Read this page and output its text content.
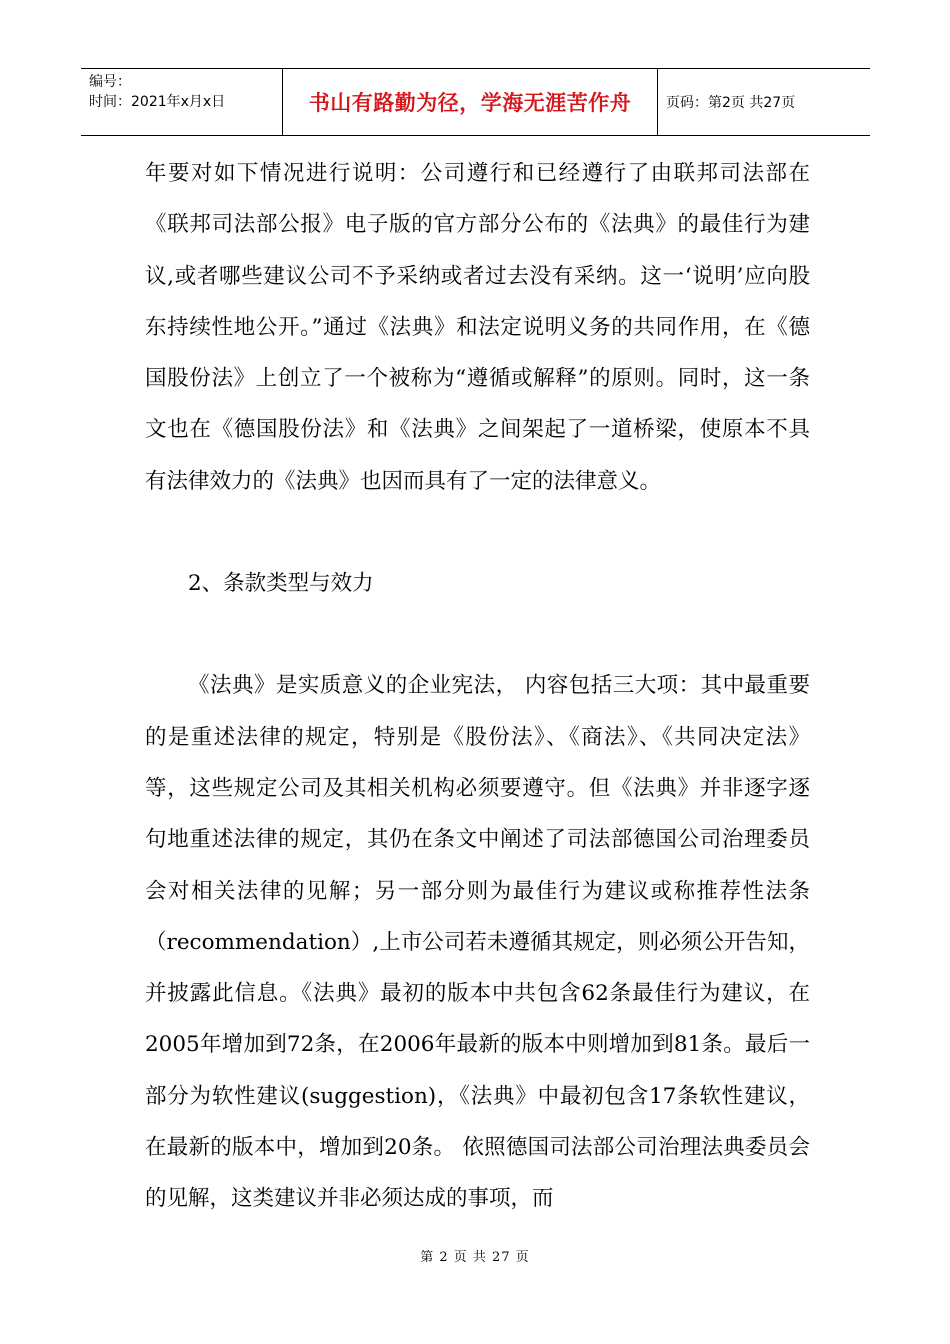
编号：
时间：2021年x月x日	书山有路勤为径，学海无涯苦作舟	页码：第2页 共27页

年要对如下情况进行说明：公司遵行和已经遵行了由联邦司法部在《联邦司法部公报》电子版的官方部分公布的《法典》的最佳行为建议,或者哪些建议公司不予采纳或者过去没有采纳。这一‘说明’应向股东持续性地公开。”通过《法典》和法定说明义务的共同作用，在《德国股份法》上创立了一个被称为“遵循或解释”的原则。同时，这一条文也在《德国股份法》和《法典》之间架起了一道桥梁，使原本不具有法律效力的《法典》也因而具有了一定的法律意义。

2、条款类型与效力

《法典》是实质意义的企业宪法， 内容包括三大项：其中最重要的是重述法律的规定，特别是《股份法》、《商法》、《共同决定法》等，这些规定公司及其相关机构必须要遵守。但《法典》并非逐字逐句地重述法律的规定，其仍在条文中阐述了司法部德国公司治理委员会对相关法律的见解；另一部分则为最佳行为建议或称推荐性法条（recommendation）,上市公司若未遵循其规定，则必须公开告知，并披露此信息。《法典》最初的版本中共包含62条最佳行为建议，在2005年增加到72条，在2006年最新的版本中则增加到81条。最后一部分为软性建议(suggestion)，《法典》中最初包含17条软性建议，在最新的版本中，增加到20条。 依照德国司法部公司治理法典委员会的见解，这类建议并非必须达成的事项，而

第 2 页 共 27 页
